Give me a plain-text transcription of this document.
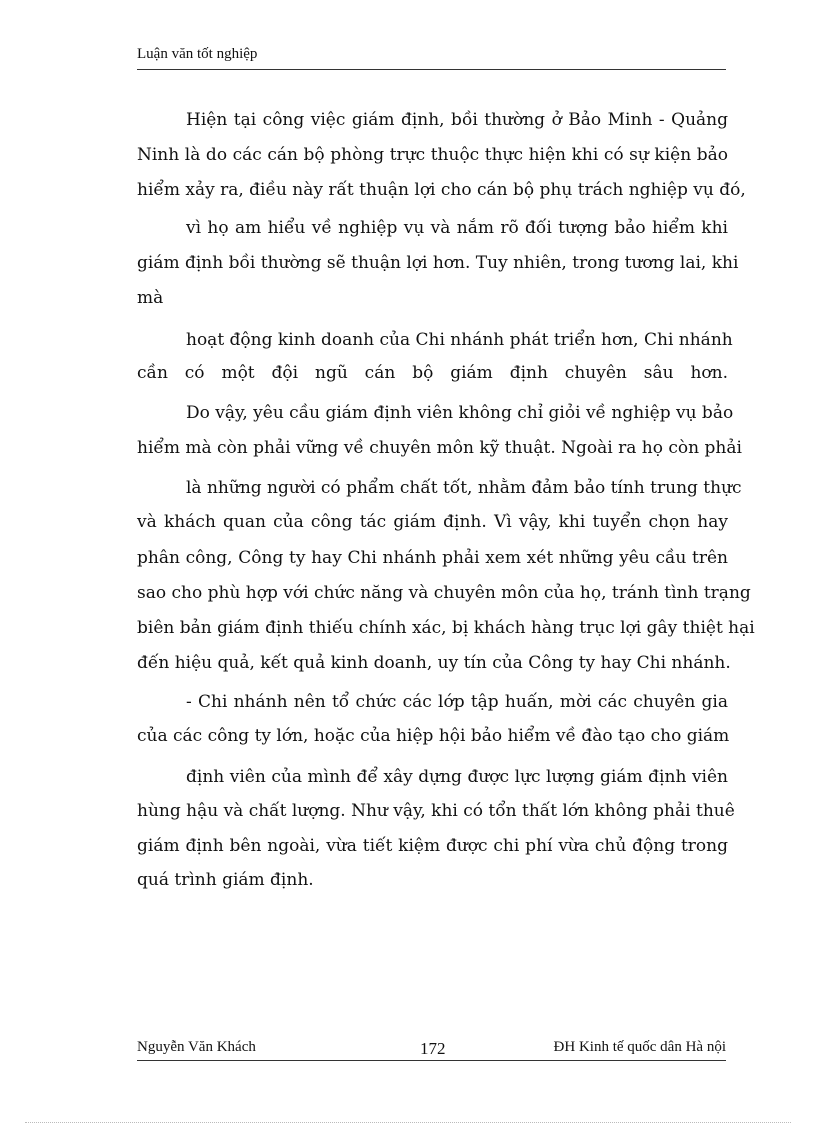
Luận văn tốt nghiệp
Hiện tại công việc giám định, bồi thường ở Bảo Minh - Quảng
Ninh là do các cán bộ phòng trực thuộc thực hiện khi có sự kiện bảo
hiểm xảy ra, điều này rất thuận lợi cho cán bộ phụ trách nghiệp vụ đó,
vì họ am hiểu về nghiệp vụ và nắm rõ đối tượng bảo hiểm khi
giám định bồi thường sẽ thuận lợi hơn. Tuy nhiên, trong tương lai, khi
mà
hoạt động kinh doanh của Chi nhánh phát triển hơn, Chi nhánh
cần có một đội ngũ cán bộ giám định chuyên sâu hơn.
Do vậy, yêu cầu giám định viên không chỉ giỏi về nghiệp vụ bảo
hiểm mà còn phải vững về chuyên môn kỹ thuật. Ngoài ra họ còn phải
là những người có phẩm chất tốt, nhằm đảm bảo tính trung thực
và khách quan của công tác giám định. Vì vậy, khi tuyển chọn hay
phân công, Công ty hay Chi nhánh phải xem xét những yêu cầu trên
sao cho phù hợp với chức năng và chuyên môn của họ, tránh tình trạng
biên bản giám định thiếu chính xác, bị khách hàng trục lợi gây thiệt hại
đến hiệu quả, kết quả kinh doanh, uy tín của Công ty hay Chi nhánh.
- Chi nhánh nên tổ chức các lớp tập huấn, mời các chuyên gia
của các công ty lớn, hoặc của hiệp hội bảo hiểm về đào tạo cho giám
định viên của mình để xây dựng được lực lượng giám định viên
hùng hậu và chất lượng. Như vậy, khi có tổn thất lớn không phải thuê
giám định bên ngoài, vừa tiết kiệm được chi phí vừa chủ động trong
quá trình giám định.
Nguyễn Văn Khách	172	ĐH Kinh tế quốc dân Hà nội
